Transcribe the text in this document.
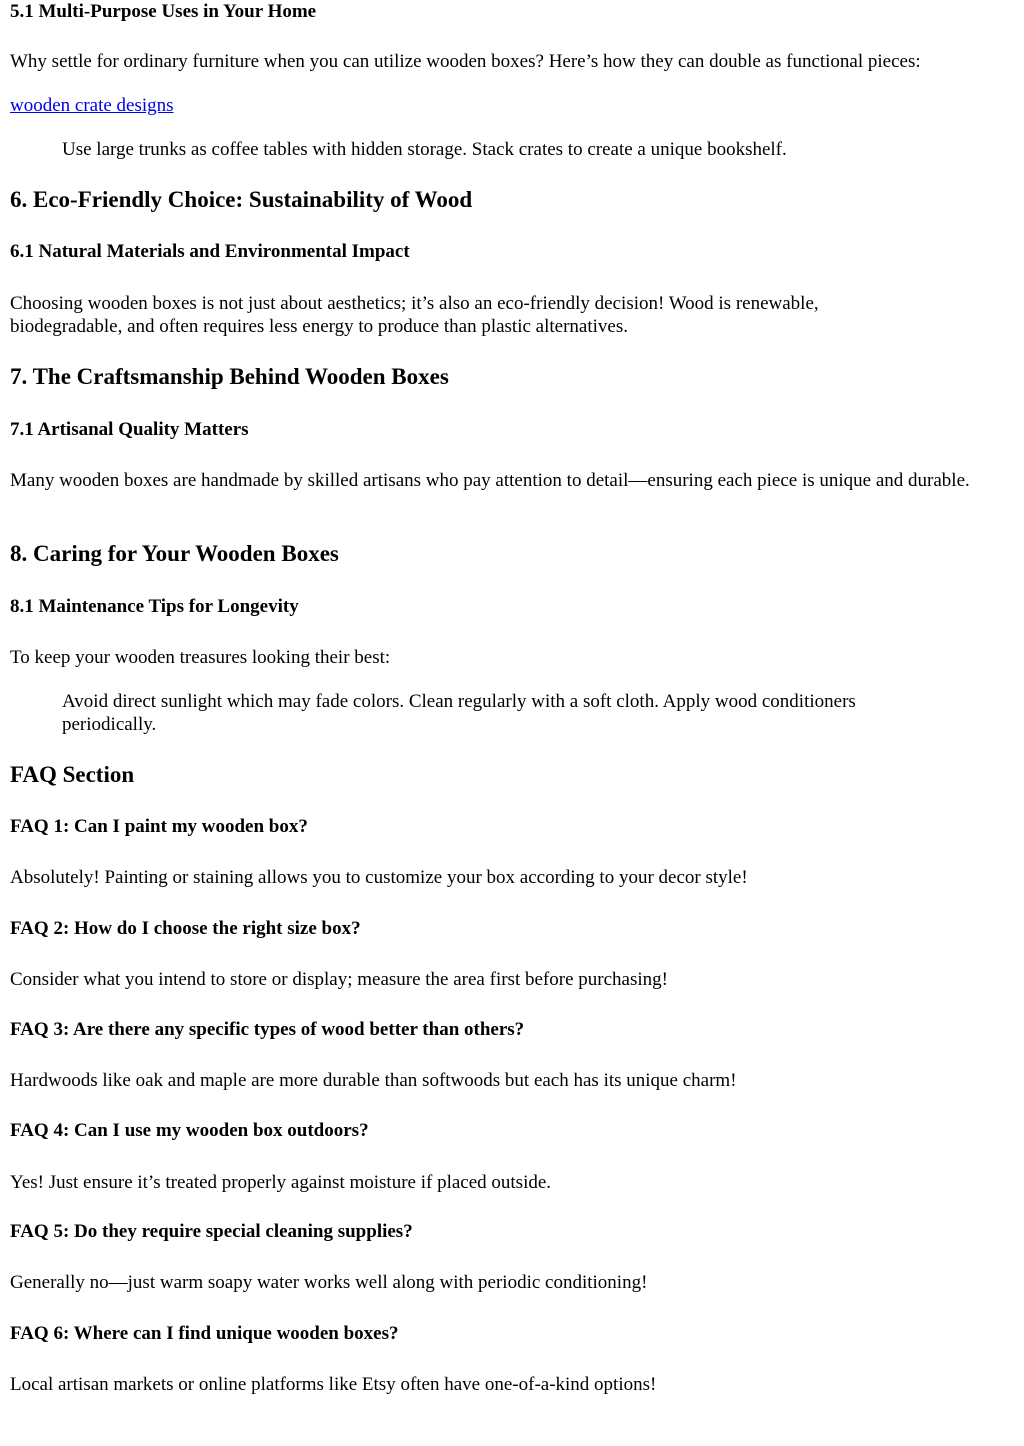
5.1 Multi-Purpose Uses in Your Home

Why settle for ordinary furniture when you can utilize wooden boxes? Here’s how they can double as functional pieces:

wooden crate designs

Use large trunks as coffee tables with hidden storage. Stack crates to create a unique bookshelf.

6. Eco-Friendly Choice: Sustainability of Wood
6.1 Natural Materials and Environmental Impact

Choosing wooden boxes is not just about aesthetics; it’s also an eco-friendly decision! Wood is renewable, biodegradable, and often requires less energy to produce than plastic alternatives.

7. The Craftsmanship Behind Wooden Boxes
7.1 Artisanal Quality Matters

Many wooden boxes are handmade by skilled artisans who pay attention to detail—ensuring each piece is unique and durable.

8. Caring for Your Wooden Boxes
8.1 Maintenance Tips for Longevity

To keep your wooden treasures looking their best:

Avoid direct sunlight which may fade colors. Clean regularly with a soft cloth. Apply wood conditioners periodically.

FAQ Section
FAQ 1: Can I paint my wooden box?

Absolutely! Painting or staining allows you to customize your box according to your decor style!

FAQ 2: How do I choose the right size box?

Consider what you intend to store or display; measure the area first before purchasing!

FAQ 3: Are there any specific types of wood better than others?

Hardwoods like oak and maple are more durable than softwoods but each has its unique charm!

FAQ 4: Can I use my wooden box outdoors?

Yes! Just ensure it’s treated properly against moisture if placed outside.

FAQ 5: Do they require special cleaning supplies?

Generally no—just warm soapy water works well along with periodic conditioning!

FAQ 6: Where can I find unique wooden boxes?

Local artisan markets or online platforms like Etsy often have one-of-a-kind options!
